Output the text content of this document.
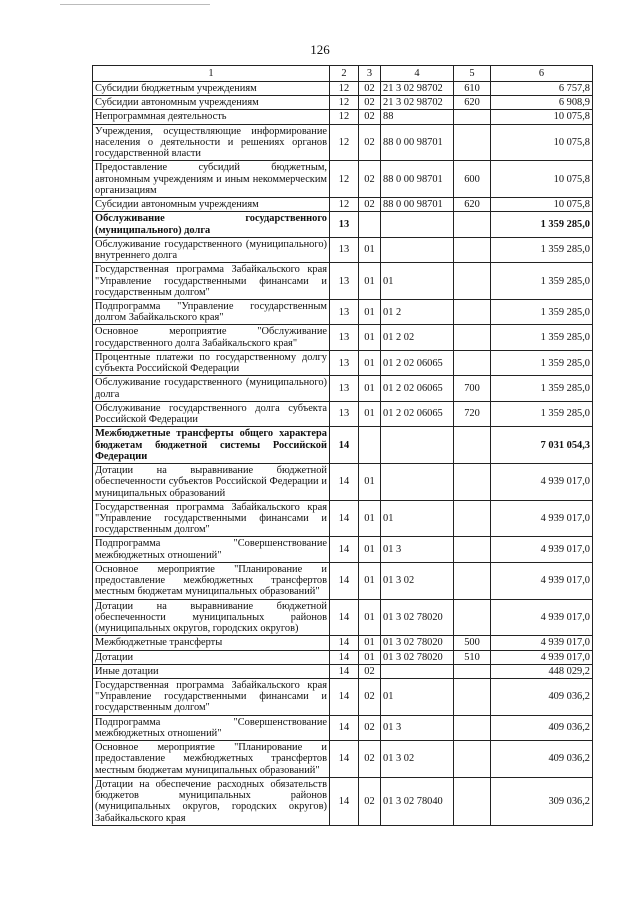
126
1	2	3	4	5	6
Субсидии бюджетным учреждениям	12	02	21 3 02 98702	610	6 757,8
Субсидии автономным учреждениям	12	02	21 3 02 98702	620	6 908,9
Непрограммная деятельность	12	02	88		10 075,8
Учреждения, осуществляющие информирование населения о деятельности и решениях органов государственной власти	12	02	88 0 00 98701		10 075,8
Предоставление субсидий бюджетным, автономным учреждениям и иным некоммерческим организациям	12	02	88 0 00 98701	600	10 075,8
Субсидии автономным учреждениям	12	02	88 0 00 98701	620	10 075,8
Обслуживание государственного (муниципального) долга	13				1 359 285,0
Обслуживание государственного (муниципального) внутреннего долга	13	01			1 359 285,0
Государственная программа Забайкальского края "Управление государственными финансами и государственным долгом"	13	01	01		1 359 285,0
Подпрограмма "Управление государственным долгом Забайкальского края"	13	01	01 2		1 359 285,0
Основное мероприятие "Обслуживание государственного долга Забайкальского края"	13	01	01 2 02		1 359 285,0
Процентные платежи по государственному долгу субъекта Российской Федерации	13	01	01 2 02 06065		1 359 285,0
Обслуживание государственного (муниципального) долга	13	01	01 2 02 06065	700	1 359 285,0
Обслуживание государственного долга субъекта Российской Федерации	13	01	01 2 02 06065	720	1 359 285,0
Межбюджетные трансферты общего характера бюджетам бюджетной системы Российской Федерации	14				7 031 054,3
Дотации на выравнивание бюджетной обеспеченности субъектов Российской Федерации и муниципальных образований	14	01			4 939 017,0
Государственная программа Забайкальского края "Управление государственными финансами и государственным долгом"	14	01	01		4 939 017,0
Подпрограмма "Совершенствование межбюджетных отношений"	14	01	01 3		4 939 017,0
Основное мероприятие "Планирование и предоставление межбюджетных трансфертов местным бюджетам муниципальных образований"	14	01	01 3 02		4 939 017,0
Дотации на выравнивание бюджетной обеспеченности муниципальных районов (муниципальных округов, городских округов)	14	01	01 3 02 78020		4 939 017,0
Межбюджетные трансферты	14	01	01 3 02 78020	500	4 939 017,0
Дотации	14	01	01 3 02 78020	510	4 939 017,0
Иные дотации	14	02			448 029,2
Государственная программа Забайкальского края "Управление государственными финансами и государственным долгом"	14	02	01		409 036,2
Подпрограмма "Совершенствование межбюджетных отношений"	14	02	01 3		409 036,2
Основное мероприятие "Планирование и предоставление межбюджетных трансфертов местным бюджетам муниципальных образований"	14	02	01 3 02		409 036,2
Дотации на обеспечение расходных обязательств бюджетов муниципальных районов (муниципальных округов, городских округов) Забайкальского края	14	02	01 3 02 78040		309 036,2
